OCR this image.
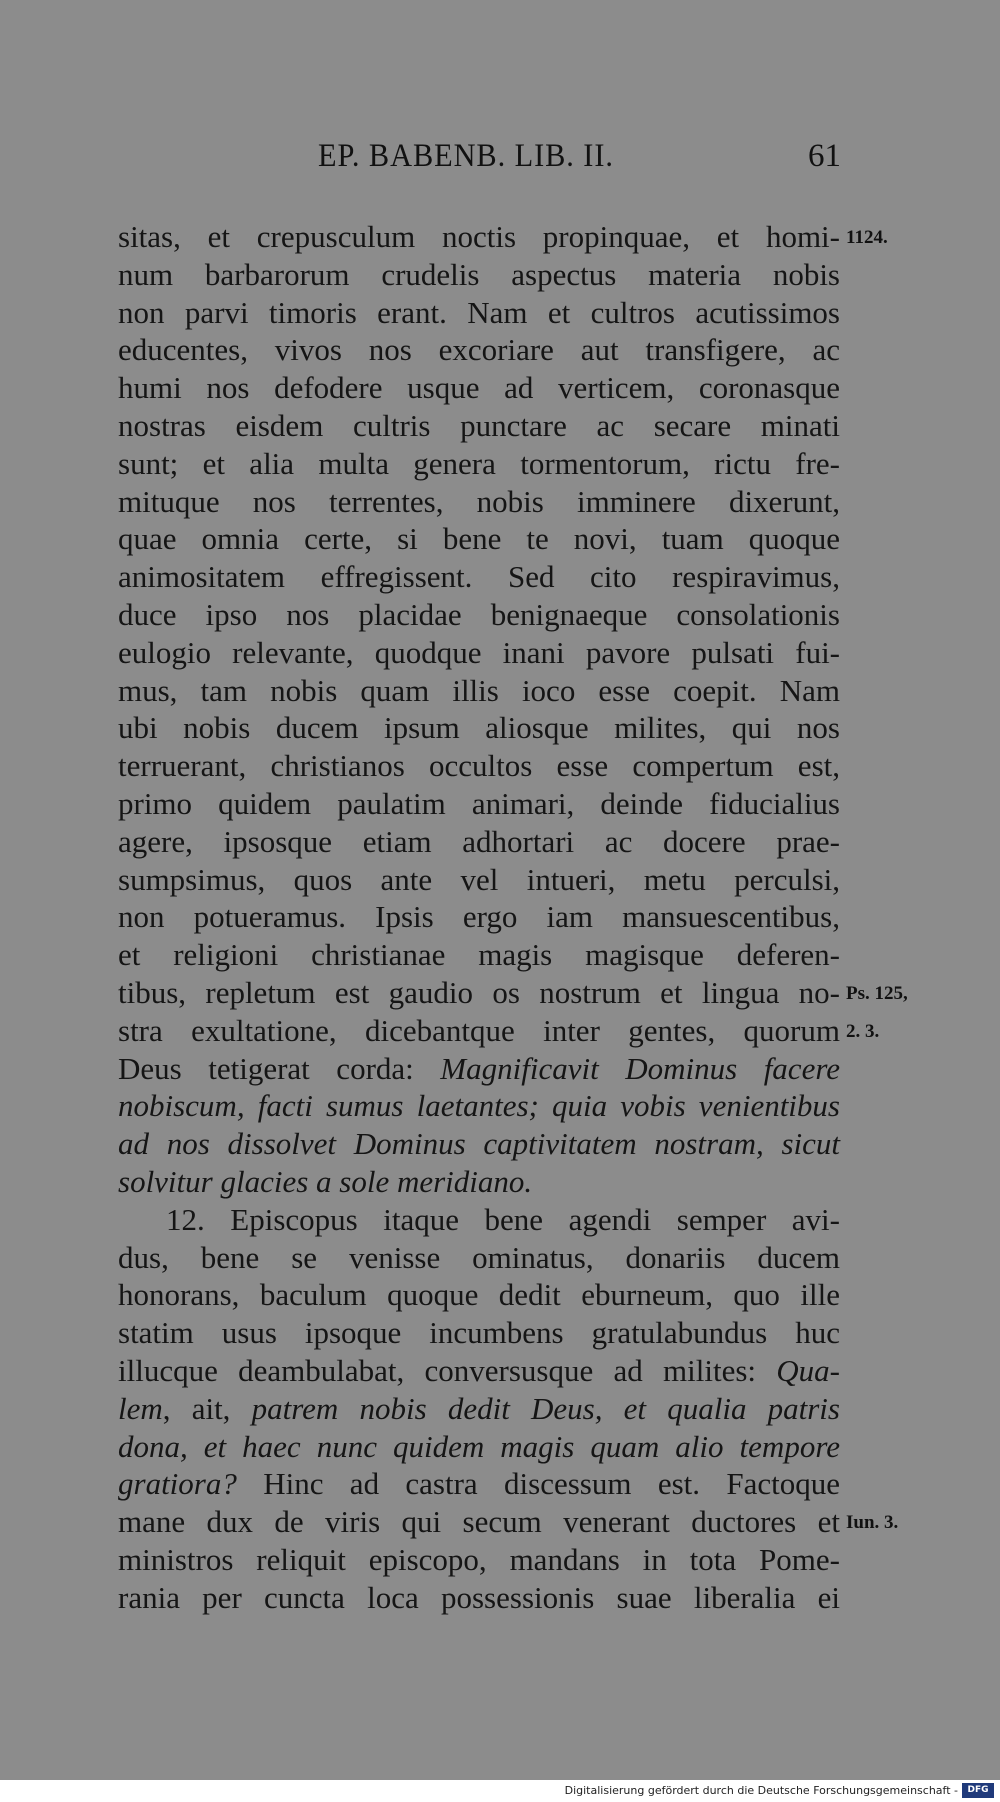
EP. BABENB. LIB. II.	61
sitas, et crepusculum noctis propinquae, et homi-
num barbarorum crudelis aspectus materia nobis
non parvi timoris erant. Nam et cultros acutissimos
educentes, vivos nos excoriare aut transfigere, ac
humi nos defodere usque ad verticem, coronasque
nostras eisdem cultris punctare ac secare minati
sunt; et alia multa genera tormentorum, rictu fre-
mituque nos terrentes, nobis imminere dixerunt,
quae omnia certe, si bene te novi, tuam quoque
animositatem effregissent. Sed cito respiravimus,
duce ipso nos placidae benignaeque consolationis
eulogio relevante, quodque inani pavore pulsati fui-
mus, tam nobis quam illis ioco esse coepit. Nam
ubi nobis ducem ipsum aliosque milites, qui nos
terruerant, christianos occultos esse compertum est,
primo quidem paulatim animari, deinde fiducialius
agere, ipsosque etiam adhortari ac docere prae-
sumpsimus, quos ante vel intueri, metu perculsi,
non potueramus. Ipsis ergo iam mansuescentibus,
et religioni christianae magis magisque deferen-
tibus, repletum est gaudio os nostrum et lingua no-
stra exultatione, dicebantque inter gentes, quorum
Deus tetigerat corda: Magnificavit Dominus facere
nobiscum, facti sumus laetantes; quia vobis venientibus
ad nos dissolvet Dominus captivitatem nostram, sicut
solvitur glacies a sole meridiano.
12. Episcopus itaque bene agendi semper avi-
dus, bene se venisse ominatus, donariis ducem
honorans, baculum quoque dedit eburneum, quo ille
statim usus ipsoque incumbens gratulabundus huc
illucque deambulabat, conversusque ad milites: Qua-
lem, ait, patrem nobis dedit Deus, et qualia patris
dona, et haec nunc quidem magis quam alio tempore
gratiora? Hinc ad castra discessum est. Factoque
mane dux de viris qui secum venerant ductores et
ministros reliquit episcopo, mandans in tota Pome-
rania per cuncta loca possessionis suae liberalia ei
1124.
Ps. 125,
2. 3.
Iun. 3.
Digitalisierung gefördert durch die Deutsche Forschungsgemeinschaft -	DFG
